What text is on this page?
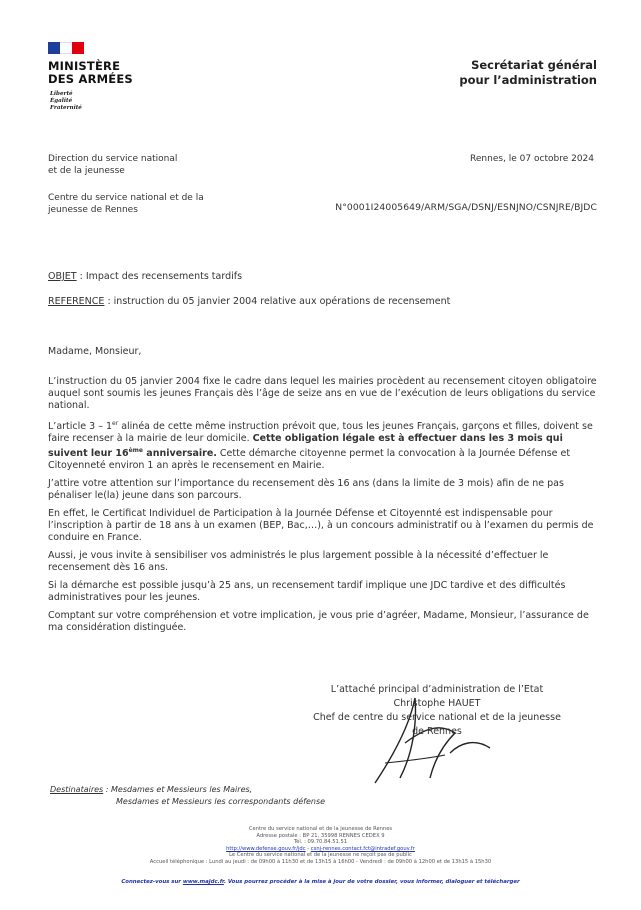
MINISTÈRE
DES ARMÉES
Liberté
Égalité
Fraternité
Secrétariat général
pour l’administration
Direction du service national
et de la jeunesse
Centre du service national et de la
jeunesse de Rennes
Rennes, le 07 octobre 2024
N°0001I24005649/ARM/SGA/DSNJ/ESNJNO/CSNJRE/BJDC
OBJET : Impact des recensements tardifs
REFERENCE : instruction du 05 janvier 2004 relative aux opérations de recensement
Madame, Monsieur,

L’instruction du 05 janvier 2004 fixe le cadre dans lequel les mairies procèdent au recensement citoyen obligatoire auquel sont soumis les jeunes Français dès l’âge de seize ans en vue de l’exécution de leurs obligations du service national.

L’article 3 – 1er alinéa de cette même instruction prévoit que, tous les jeunes Français, garçons et filles, doivent se faire recenser à la mairie de leur domicile. Cette obligation légale est à effectuer dans les 3 mois qui suivent leur 16ème anniversaire. Cette démarche citoyenne permet la convocation à la Journée Défense et Citoyenneté environ 1 an après le recensement en Mairie.

J’attire votre attention sur l’importance du recensement dès 16 ans (dans la limite de 3 mois) afin de ne pas pénaliser le(la) jeune dans son parcours.

En effet, le Certificat Individuel de Participation à la Journée Défense et Citoyennté est indispensable pour l’inscription à partir de 18 ans à un examen (BEP, Bac,…), à un concours administratif ou à l’examen du permis de conduire en France.

Aussi, je vous invite à sensibiliser vos administrés le plus largement possible à la nécessité d’effectuer le recensement dès 16 ans.

Si la démarche est possible jusqu’à 25 ans, un recensement tardif implique une JDC tardive et des difficultés administratives pour les jeunes.

Comptant sur votre compréhension et votre implication, je vous prie d’agréer, Madame, Monsieur, l’assurance de ma considération distinguée.

L’attaché principal d’administration de l’Etat
Christophe HAUET
Chef de centre du service national et de la jeunesse
de Rennes
Destinataires : Mesdames et Messieurs les Maires,
Mesdames et Messieurs les correspondants défense
Centre du service national et de la jeunesse de Rennes
Adresse postale : BP 21, 35998 RENNES CEDEX 9
Tél. : 09.70.84.51.51
http://www.defense.gouv.fr/jdc - csnj-rennes.contact.fct@intradef.gouv.fr
Le Centre du service national et de la jeunesse ne reçoit pas de public
Accueil téléphonique : Lundi au jeudi : de 09h00 à 11h30 et de 13h15 à 16h00 - Vendredi : de 09h00 à 12h00 et de 13h15 à 15h30
Connectez-vous sur www.majdc.fr. Vous pourrez procéder à la mise à jour de votre dossier, vous informer, dialoguer et télécharger
